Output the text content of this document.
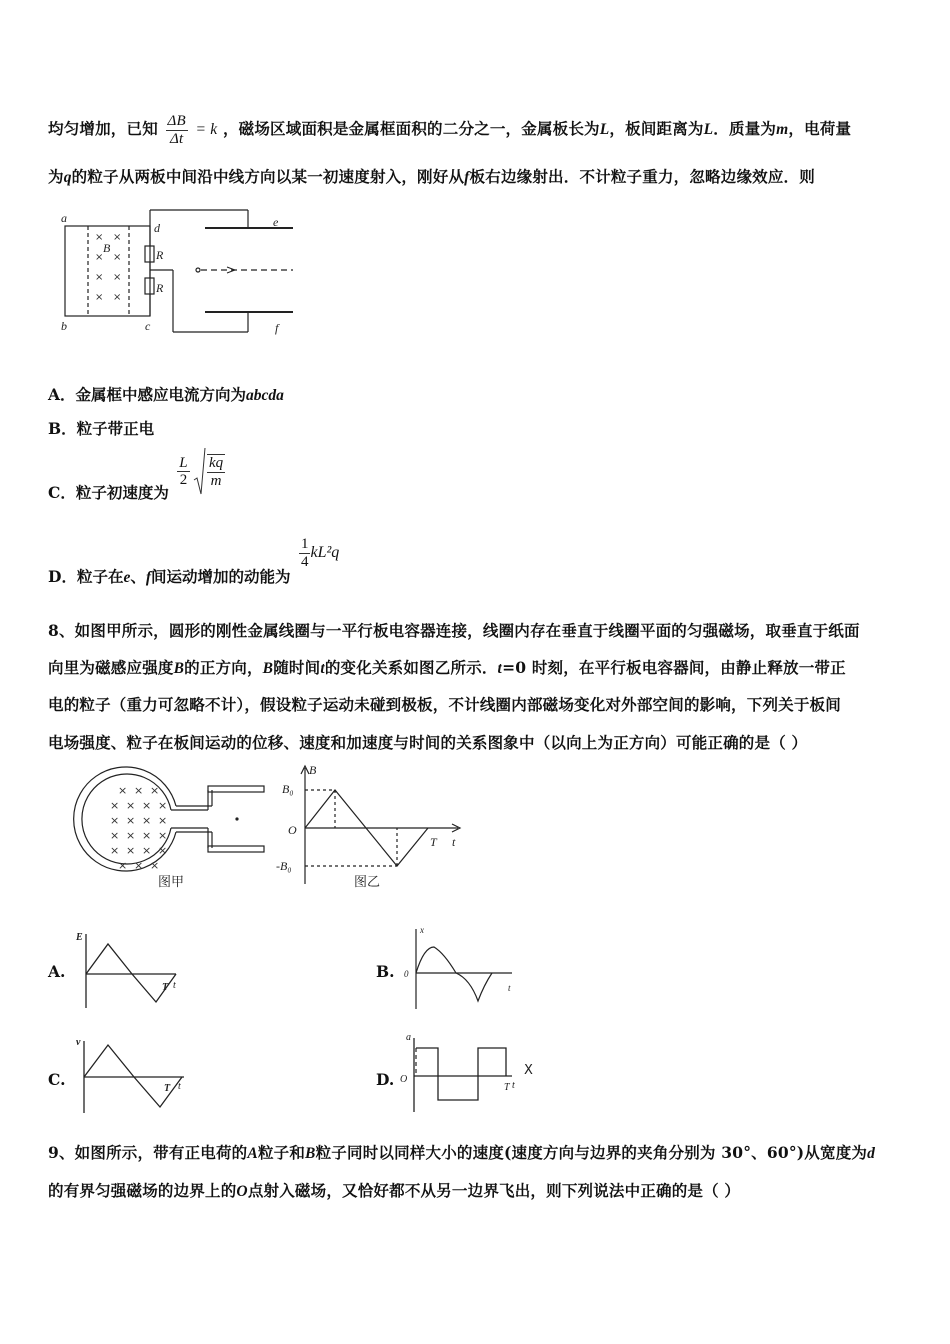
均匀增加，已知 $\frac{\Delta B}{\Delta t} = k$ ，磁场区域面积是金属框面积的二分之一，金属板长为L，板间距离为L．质量为m，电荷量
为q的粒子从两板中间沿中线方向以某一初速度射入，刚好从f板右边缘射出．不计粒子重力，忽略边缘效应．则
a
b	c
d	e
f
B	R
R
× ×
× ×
× ×
× ×
A．金属框中感应电流方向为abcda
B．粒子带正电
C．粒子初速度为
$\frac{L}{2}$
$\frac{kq}{m}$
D．粒子在e、f间运动增加的动能为
$\frac{1}{4} kL^2q$
8、如图甲所示，圆形的刚性金属线圈与一平行板电容器连接，线圈内存在垂直于线圈平面的匀强磁场，取垂直于纸面
向里为磁感应强度B的正方向，B随时间t的变化关系如图乙所示．t=0 时刻，在平行板电容器间，由静止释放一带正
电的粒子（重力可忽略不计），假设粒子运动未碰到极板，不计线圈内部磁场变化对外部空间的影响，下列关于板间
电场强度、粒子在板间运动的位移、速度和加速度与时间的关系图象中（以向上为正方向）可能正确的是（ ）
× × ×
× × × ×
× × × ×
× × × ×
× × × ×
× × ×
图甲
B
B₀
O
-B₀
T t
图乙
A.
E
T t
B.
x
0
t
C.
v
T t	D.
a
O
T t
X
9、如图所示，带有正电荷的A粒子和B粒子同时以同样大小的速度(速度方向与边界的夹角分别为 30°、60°)从宽度为d
的有界匀强磁场的边界上的O点射入磁场，又恰好都不从另一边界飞出，则下列说法中正确的是（ ）
